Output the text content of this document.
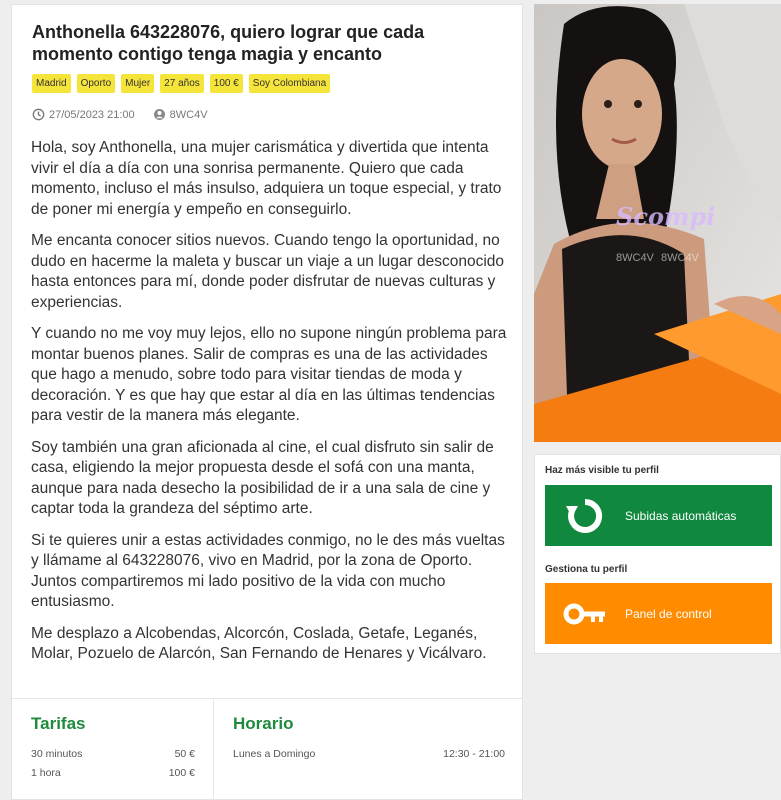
Anthonella 643228076, quiero lograr que cada momento contigo tenga magia y encanto
Madrid	Oporto	Mujer	27 años	100 €	Soy Colombiana
27/05/2023 21:00	8WC4V

Hola, soy Anthonella, una mujer carismática y divertida que intenta vivir el día a día con una sonrisa permanente. Quiero que cada momento, incluso el más insulso, adquiera un toque especial, y trato de poner mi energía y empeño en conseguirlo.

Me encanta conocer sitios nuevos. Cuando tengo la oportunidad, no dudo en hacerme la maleta y buscar un viaje a un lugar desconocido hasta entonces para mí, donde poder disfrutar de nuevas culturas y experiencias.

Y cuando no me voy muy lejos, ello no supone ningún problema para montar buenos planes. Salir de compras es una de las actividades que hago a menudo, sobre todo para visitar tiendas de moda y decoración. Y es que hay que estar al día en las últimas tendencias para vestir de la manera más elegante.

Soy también una gran aficionada al cine, el cual disfruto sin salir de casa, eligiendo la mejor propuesta desde el sofá con una manta, aunque para nada desecho la posibilidad de ir a una sala de cine y captar toda la grandeza del séptimo arte.

Si te quieres unir a estas actividades conmigo, no le des más vueltas y llámame al 643228076, vivo en Madrid, por la zona de Oporto. Juntos compartiremos mi lado positivo de la vida con mucho entusiasmo.

Me desplazo a Alcobendas, Alcorcón, Coslada, Getafe, Leganés, Molar, Pozuelo de Alarcón, San Fernando de Henares y Vicálvaro.

Tarifas
30 minutos	50 €
1 hora	100 €
Horario
Lunes a Domingo	12:30 - 21:00
Scompi
8WC4V 8WC4V
Haz más visible tu perfil
Subidas automáticas
Gestiona tu perfil
Panel de control
